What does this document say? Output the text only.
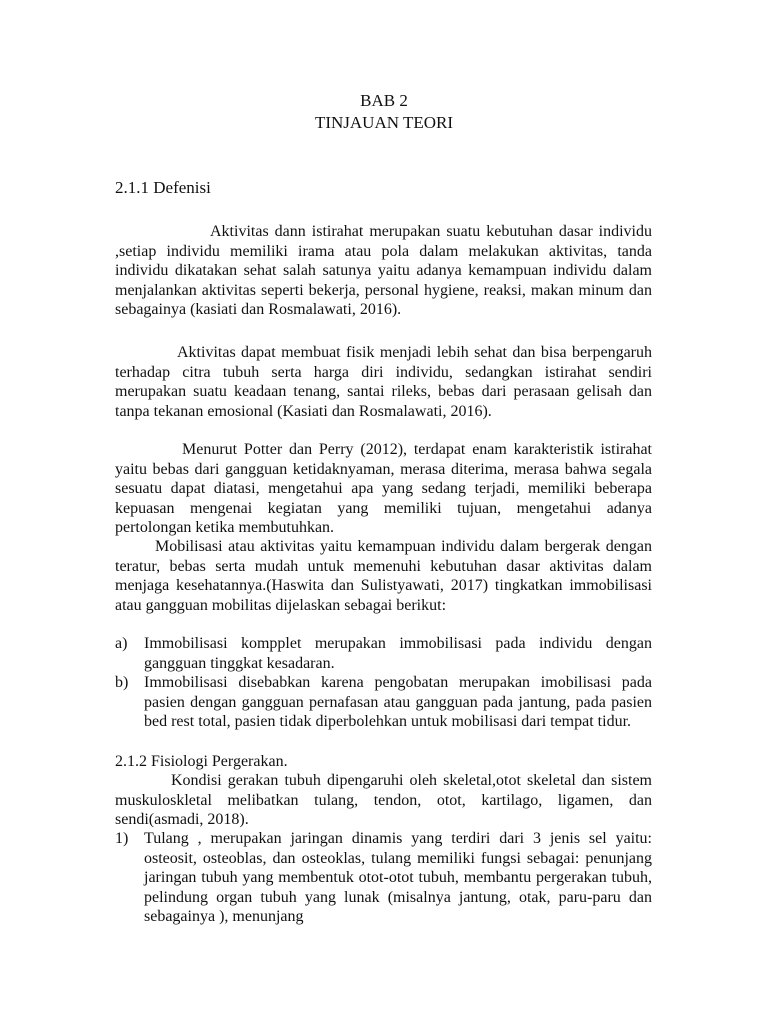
BAB 2
TINJAUAN TEORI
2.1.1 Defenisi

Aktivitas dann istirahat merupakan suatu kebutuhan dasar individu ,setiap individu memiliki irama atau pola dalam melakukan aktivitas, tanda individu dikatakan sehat salah satunya yaitu adanya kemampuan individu dalam menjalankan aktivitas seperti bekerja, personal hygiene, reaksi, makan minum dan sebagainya (kasiati dan Rosmalawati, 2016).

Aktivitas dapat membuat fisik menjadi lebih sehat dan bisa berpengaruh terhadap citra tubuh serta harga diri individu, sedangkan istirahat sendiri merupakan suatu keadaan tenang, santai rileks, bebas dari perasaan gelisah dan tanpa tekanan emosional (Kasiati dan Rosmalawati, 2016).

Menurut Potter dan Perry (2012), terdapat enam karakteristik istirahat yaitu bebas dari gangguan ketidaknyaman, merasa diterima, merasa bahwa segala sesuatu dapat diatasi, mengetahui apa yang sedang terjadi, memiliki beberapa kepuasan mengenai kegiatan yang memiliki tujuan, mengetahui adanya pertolongan ketika membutuhkan.

Mobilisasi atau aktivitas yaitu kemampuan individu dalam bergerak dengan teratur, bebas serta mudah untuk memenuhi kebutuhan dasar aktivitas dalam menjaga kesehatannya.(Haswita dan Sulistyawati, 2017) tingkatkan immobilisasi atau gangguan mobilitas dijelaskan sebagai berikut:

a) Immobilisasi kompplet merupakan immobilisasi pada individu dengan gangguan tinggkat kesadaran.
b) Immobilisasi disebabkan karena pengobatan merupakan imobilisasi pada pasien dengan gangguan pernafasan atau gangguan pada jantung, pada pasien bed rest total, pasien tidak diperbolehkan untuk mobilisasi dari tempat tidur.
2.1.2 Fisiologi Pergerakan.

Kondisi gerakan tubuh dipengaruhi oleh skeletal,otot skeletal dan sistem muskuloskletal melibatkan tulang, tendon, otot, kartilago, ligamen, dan sendi(asmadi, 2018).

1) Tulang , merupakan jaringan dinamis yang terdiri dari 3 jenis sel yaitu: osteosit, osteoblas, dan osteoklas, tulang memiliki fungsi sebagai: penunjang jaringan tubuh yang membentuk otot-otot tubuh, membantu pergerakan tubuh, pelindung organ tubuh yang lunak (misalnya jantung, otak, paru-paru dan sebagainya ), menunjang
